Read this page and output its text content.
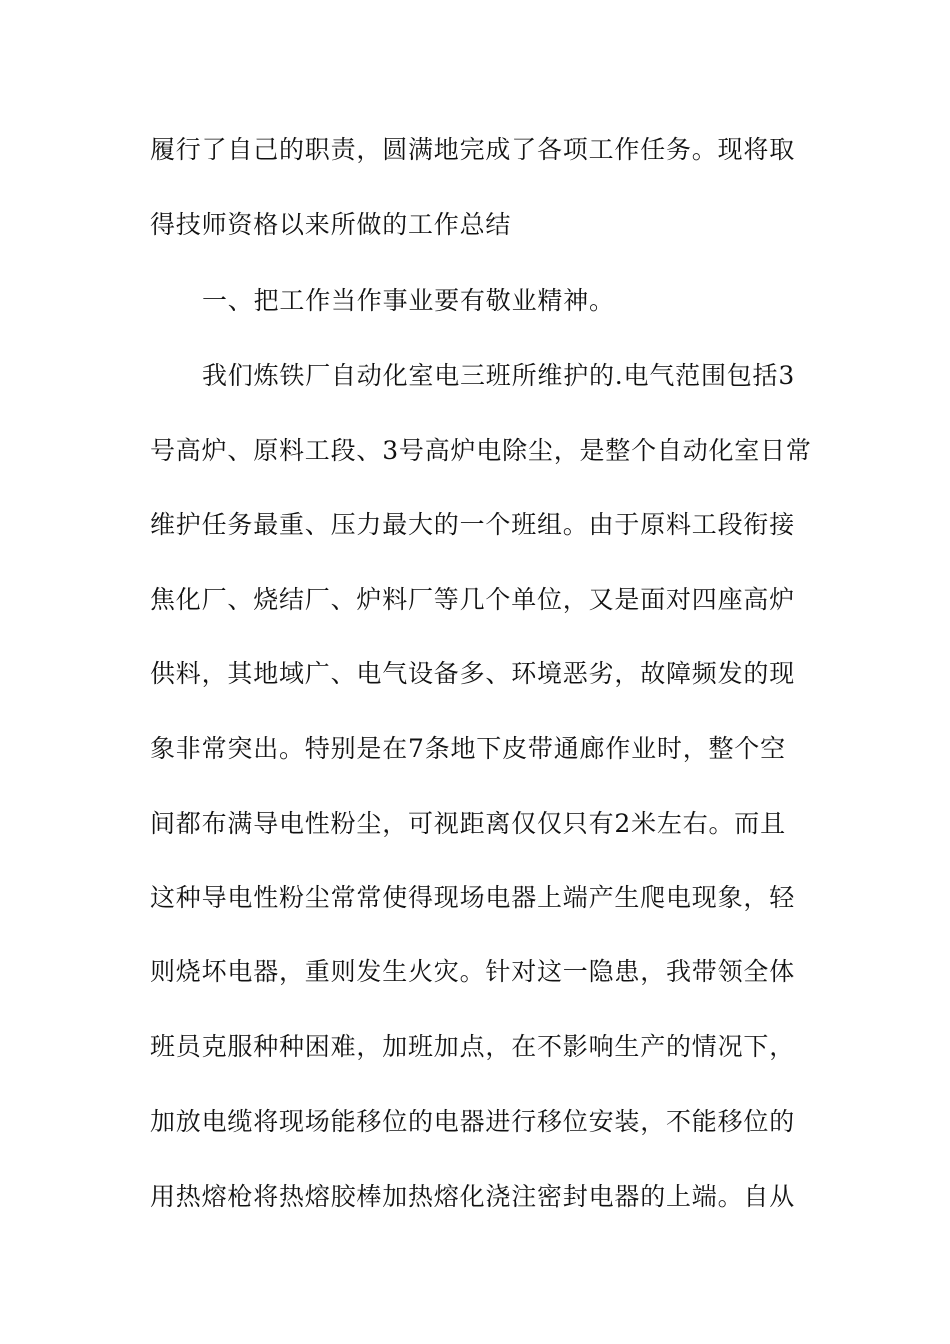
履行了自己的职责，圆满地完成了各项工作任务。现将取
得技师资格以来所做的工作总结
一、把工作当作事业要有敬业精神。
我们炼铁厂自动化室电三班所维护的.电气范围包括3
号高炉、原料工段、3号高炉电除尘，是整个自动化室日常
维护任务最重、压力最大的一个班组。由于原料工段衔接
焦化厂、烧结厂、炉料厂等几个单位，又是面对四座高炉
供料，其地域广、电气设备多、环境恶劣，故障频发的现
象非常突出。特别是在7条地下皮带通廊作业时，整个空
间都布满导电性粉尘，可视距离仅仅只有2米左右。而且
这种导电性粉尘常常使得现场电器上端产生爬电现象，轻
则烧坏电器，重则发生火灾。针对这一隐患，我带领全体
班员克服种种困难，加班加点，在不影响生产的情况下，
加放电缆将现场能移位的电器进行移位安装，不能移位的
用热熔枪将热熔胶棒加热熔化浇注密封电器的上端。自从
